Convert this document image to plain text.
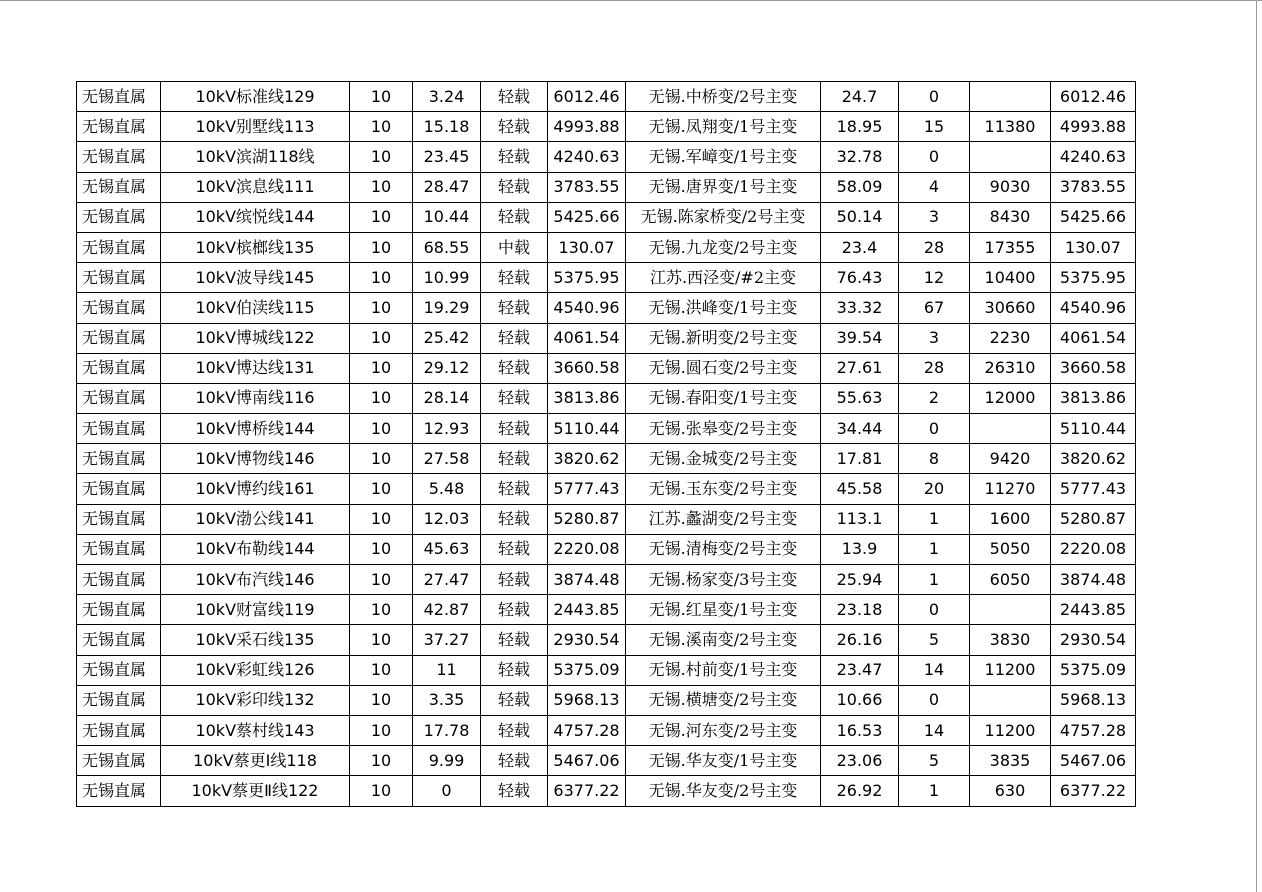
无锡直属	10kV标准线129	10	3.24	轻载	6012.46	无锡.中桥变/2号主变	24.7	0		6012.46
无锡直属	10kV别墅线113	10	15.18	轻载	4993.88	无锡.凤翔变/1号主变	18.95	15	11380	4993.88
无锡直属	10kV滨湖118线	10	23.45	轻载	4240.63	无锡.军嶂变/1号主变	32.78	0		4240.63
无锡直属	10kV滨息线111	10	28.47	轻载	3783.55	无锡.唐界变/1号主变	58.09	4	9030	3783.55
无锡直属	10kV缤悦线144	10	10.44	轻载	5425.66	无锡.陈家桥变/2号主变	50.14	3	8430	5425.66
无锡直属	10kV槟榔线135	10	68.55	中载	130.07	无锡.九龙变/2号主变	23.4	28	17355	130.07
无锡直属	10kV波导线145	10	10.99	轻载	5375.95	江苏.西泾变/#2主变	76.43	12	10400	5375.95
无锡直属	10kV伯渎线115	10	19.29	轻载	4540.96	无锡.洪峰变/1号主变	33.32	67	30660	4540.96
无锡直属	10kV博城线122	10	25.42	轻载	4061.54	无锡.新明变/2号主变	39.54	3	2230	4061.54
无锡直属	10kV博达线131	10	29.12	轻载	3660.58	无锡.圆石变/2号主变	27.61	28	26310	3660.58
无锡直属	10kV博南线116	10	28.14	轻载	3813.86	无锡.春阳变/1号主变	55.63	2	12000	3813.86
无锡直属	10kV博桥线144	10	12.93	轻载	5110.44	无锡.张皋变/2号主变	34.44	0		5110.44
无锡直属	10kV博物线146	10	27.58	轻载	3820.62	无锡.金城变/2号主变	17.81	8	9420	3820.62
无锡直属	10kV博约线161	10	5.48	轻载	5777.43	无锡.玉东变/2号主变	45.58	20	11270	5777.43
无锡直属	10kV渤公线141	10	12.03	轻载	5280.87	江苏.蠡湖变/2号主变	113.1	1	1600	5280.87
无锡直属	10kV布勒线144	10	45.63	轻载	2220.08	无锡.清梅变/2号主变	13.9	1	5050	2220.08
无锡直属	10kV布汽线146	10	27.47	轻载	3874.48	无锡.杨家变/3号主变	25.94	1	6050	3874.48
无锡直属	10kV财富线119	10	42.87	轻载	2443.85	无锡.红星变/1号主变	23.18	0		2443.85
无锡直属	10kV采石线135	10	37.27	轻载	2930.54	无锡.溪南变/2号主变	26.16	5	3830	2930.54
无锡直属	10kV彩虹线126	10	11	轻载	5375.09	无锡.村前变/1号主变	23.47	14	11200	5375.09
无锡直属	10kV彩印线132	10	3.35	轻载	5968.13	无锡.横塘变/2号主变	10.66	0		5968.13
无锡直属	10kV蔡村线143	10	17.78	轻载	4757.28	无锡.河东变/2号主变	16.53	14	11200	4757.28
无锡直属	10kV蔡更Ⅰ线118	10	9.99	轻载	5467.06	无锡.华友变/1号主变	23.06	5	3835	5467.06
无锡直属	10kV蔡更Ⅱ线122	10	0	轻载	6377.22	无锡.华友变/2号主变	26.92	1	630	6377.22
